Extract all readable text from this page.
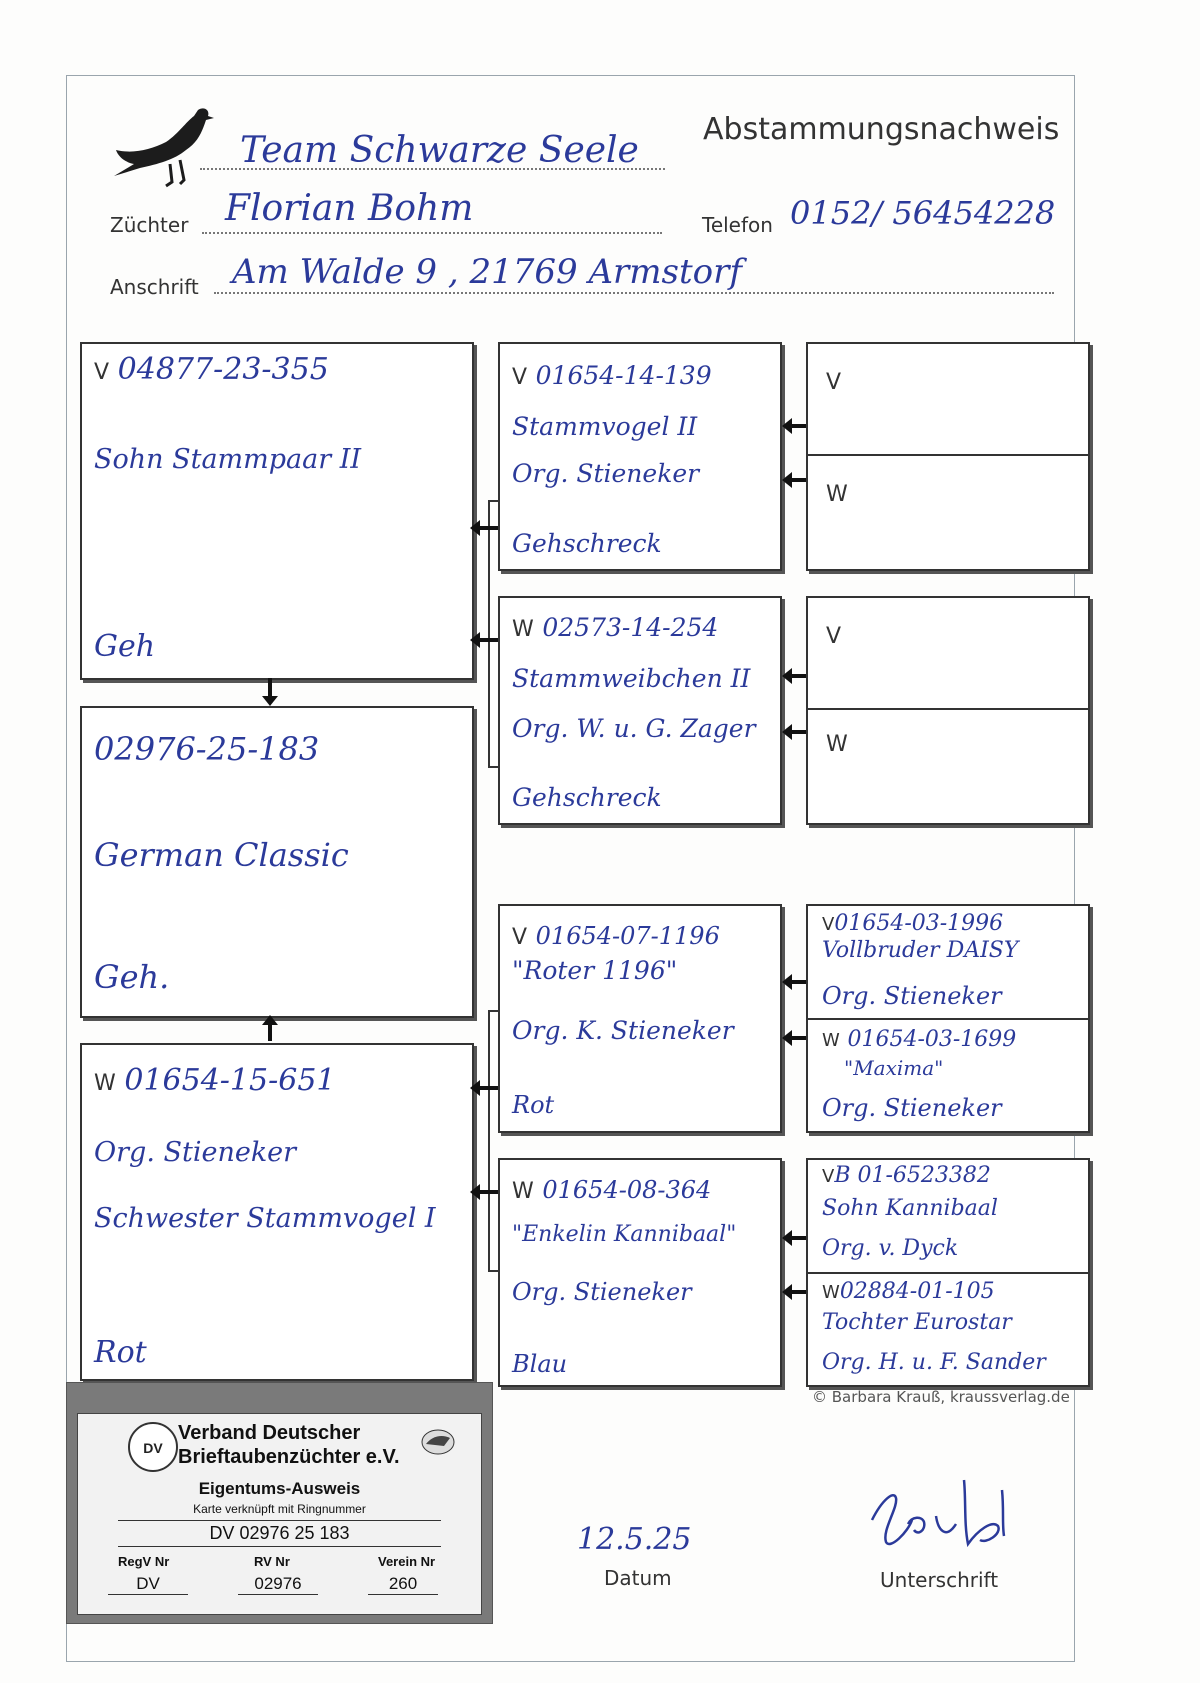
Team Schwarze Seele
Abstammungsnachweis
Züchter Florian Bohm	Telefon 0152/ 56454228
Anschrift Am Walde 9 , 21769 Armstorf
V 04877-23-355
Sohn Stammpaar II
Geh
02976-25-183
German Classic
Geh.
W 01654-15-651
Org. Stieneker
Schwester Stammvogel I
Rot
V 01654-14-139
Stammvogel II
Org. Stieneker
Gehschreck
W 02573-14-254
Stammweibchen II
Org. W. u. G. Zager
Gehschreck
V 01654-07-1196
"Roter 1196"
Org. K. Stieneker
Rot
W 01654-08-364
"Enkelin Kannibaal"
Org. Stieneker
Blau
V
W
V
W
V01654-03-1996
Vollbruder DAISY
Org. Stieneker
W 01654-03-1699
"Maxima"
Org. Stieneker
VB 01-6523382
Sohn Kannibaal
Org. v. Dyck
W02884-01-105
Tochter Eurostar
Org. H. u. F. Sander
© Barbara Krauß, kraussverlag.de
12.5.25
Datum	Unterschrift
DV
Verband Deutscher
Brieftaubenzüchter e.V.
Eigentums-Ausweis
Karte verknüpft mit Ringnummer
DV 02976 25 183
RegV Nr	RV Nr	Verein Nr
DV	02976	260
